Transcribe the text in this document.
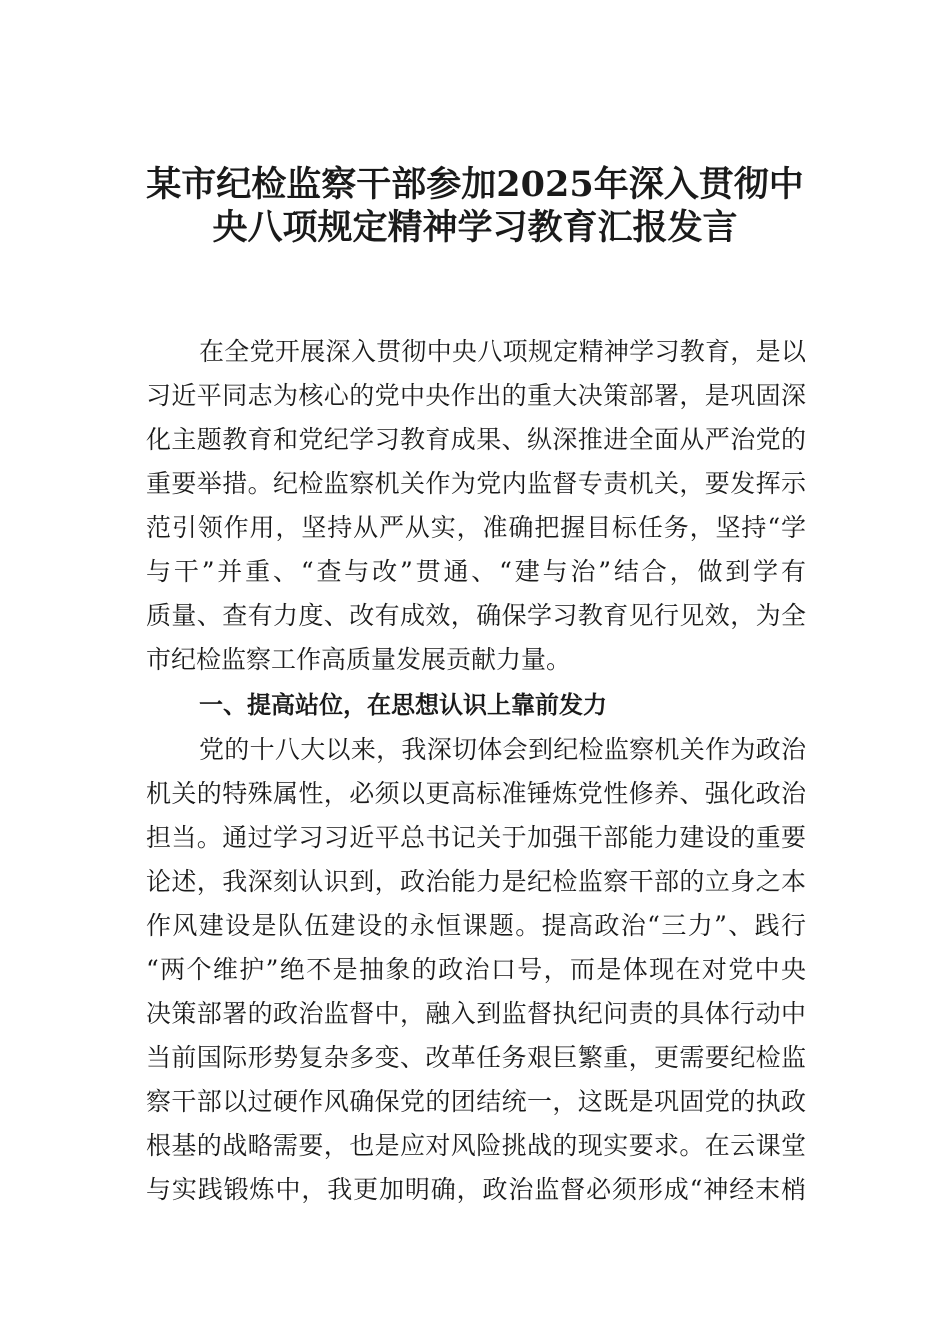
某市纪检监察干部参加2025年深入贯彻中
央八项规定精神学习教育汇报发言

在全党开展深入贯彻中央八项规定精神学习教育，是以

习近平同志为核心的党中央作出的重大决策部署，是巩固深

化主题教育和党纪学习教育成果、纵深推进全面从严治党的

重要举措。纪检监察机关作为党内监督专责机关，要发挥示

范引领作用，坚持从严从实，准确把握目标任务，坚持“学

与干”并重、“查与改”贯通、“建与治”结合，做到学有

质量、查有力度、改有成效，确保学习教育见行见效，为全

市纪检监察工作高质量发展贡献力量。

一、提高站位，在思想认识上靠前发力

党的十八大以来，我深切体会到纪检监察机关作为政治

机关的特殊属性，必须以更高标准锤炼党性修养、强化政治

担当。通过学习习近平总书记关于加强干部能力建设的重要

论述，我深刻认识到，政治能力是纪检监察干部的立身之本

作风建设是队伍建设的永恒课题。提高政治“三力”、践行

“两个维护”绝不是抽象的政治口号，而是体现在对党中央

决策部署的政治监督中，融入到监督执纪问责的具体行动中

当前国际形势复杂多变、改革任务艰巨繁重，更需要纪检监

察干部以过硬作风确保党的团结统一，这既是巩固党的执政

根基的战略需要，也是应对风险挑战的现实要求。在云课堂

与实践锻炼中，我更加明确，政治监督必须形成“神经末梢
